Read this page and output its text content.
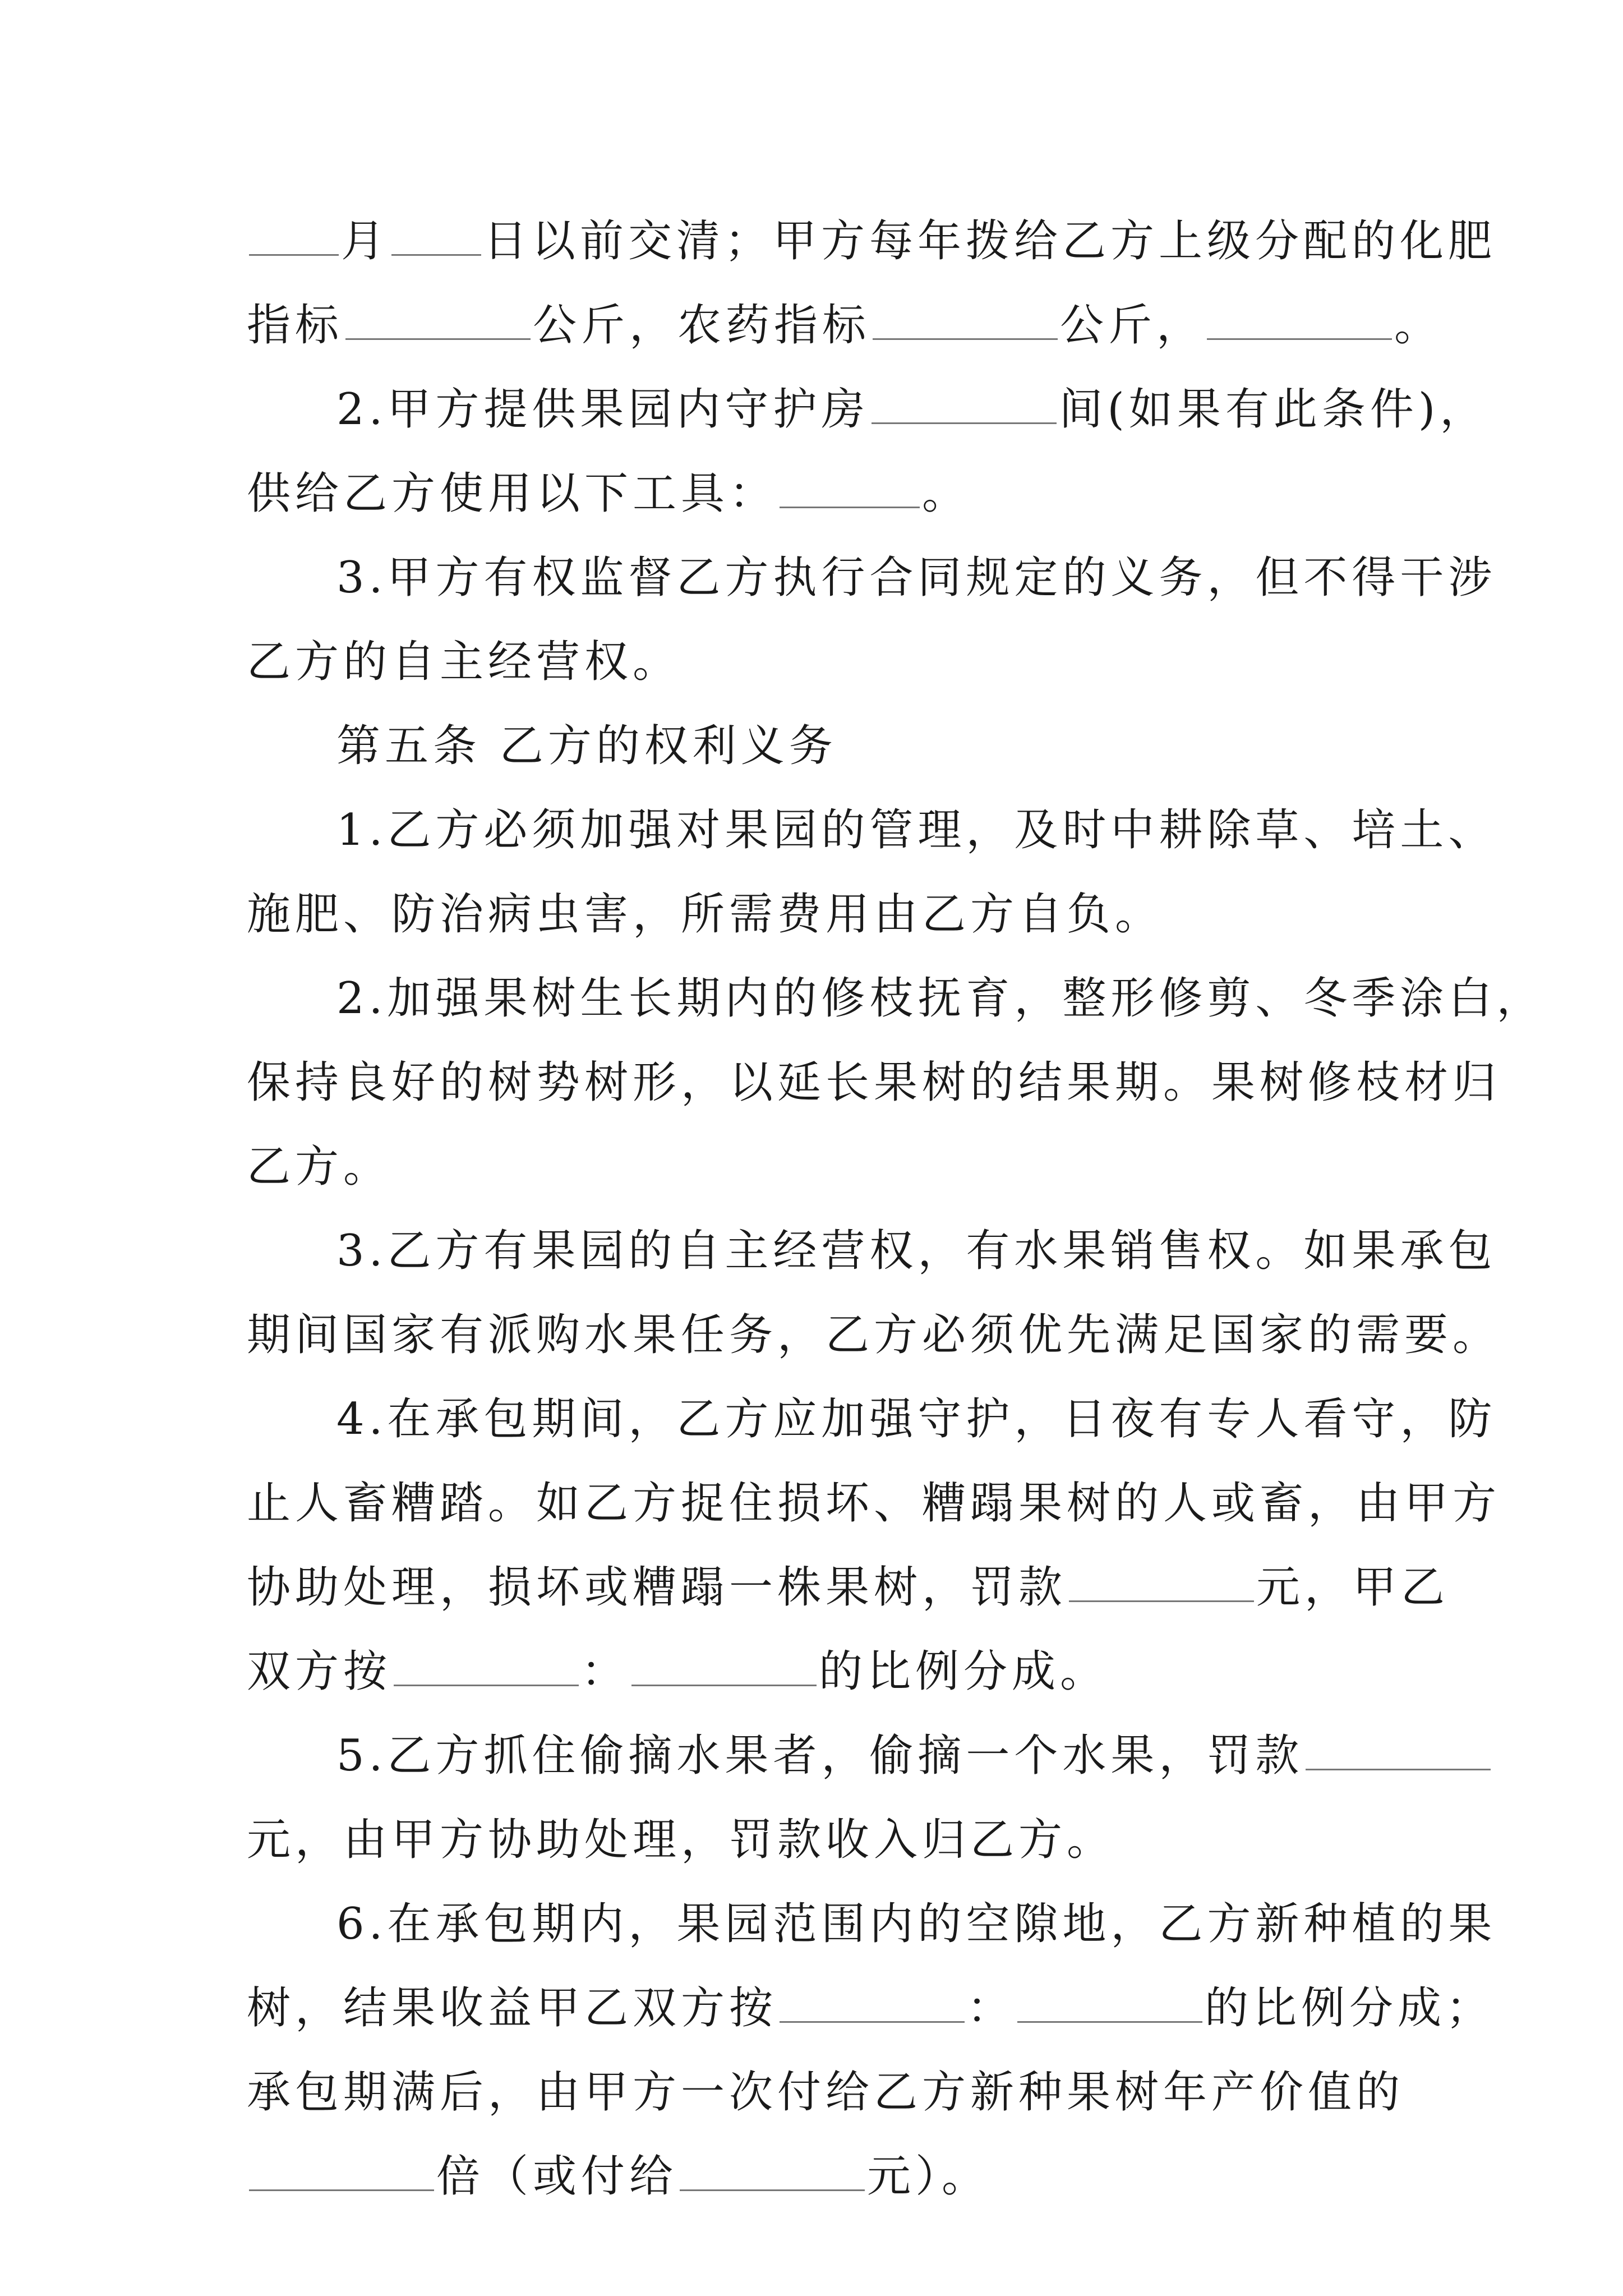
月 日以前交清；甲方每年拨给乙方上级分配的化肥
指标	公斤，农药指标	公斤，	。
2.甲方提供果园内守护房	间(如果有此条件)，
供给乙方使用以下工具：	。
3.甲方有权监督乙方执行合同规定的义务，但不得干涉
乙方的自主经营权。
第五条 乙方的权利义务
1.乙方必须加强对果园的管理，及时中耕除草、培土、
施肥、防治病虫害，所需费用由乙方自负。
2.加强果树生长期内的修枝抚育，整形修剪、冬季涂白，
保持良好的树势树形，以延长果树的结果期。果树修枝材归
乙方。
3.乙方有果园的自主经营权，有水果销售权。如果承包
期间国家有派购水果任务，乙方必须优先满足国家的需要。
4.在承包期间，乙方应加强守护，日夜有专人看守，防
止人畜糟踏。如乙方捉住损坏、糟蹋果树的人或畜，由甲方
协助处理，损坏或糟蹋一株果树，罚款	元，甲乙
双方按	：	的比例分成。
5.乙方抓住偷摘水果者，偷摘一个水果，罚款
元，由甲方协助处理，罚款收入归乙方。
6.在承包期内，果园范围内的空隙地，乙方新种植的果
树，结果收益甲乙双方按	：	的比例分成；
承包期满后，由甲方一次付给乙方新种果树年产价值的
倍（或付给	元）。
